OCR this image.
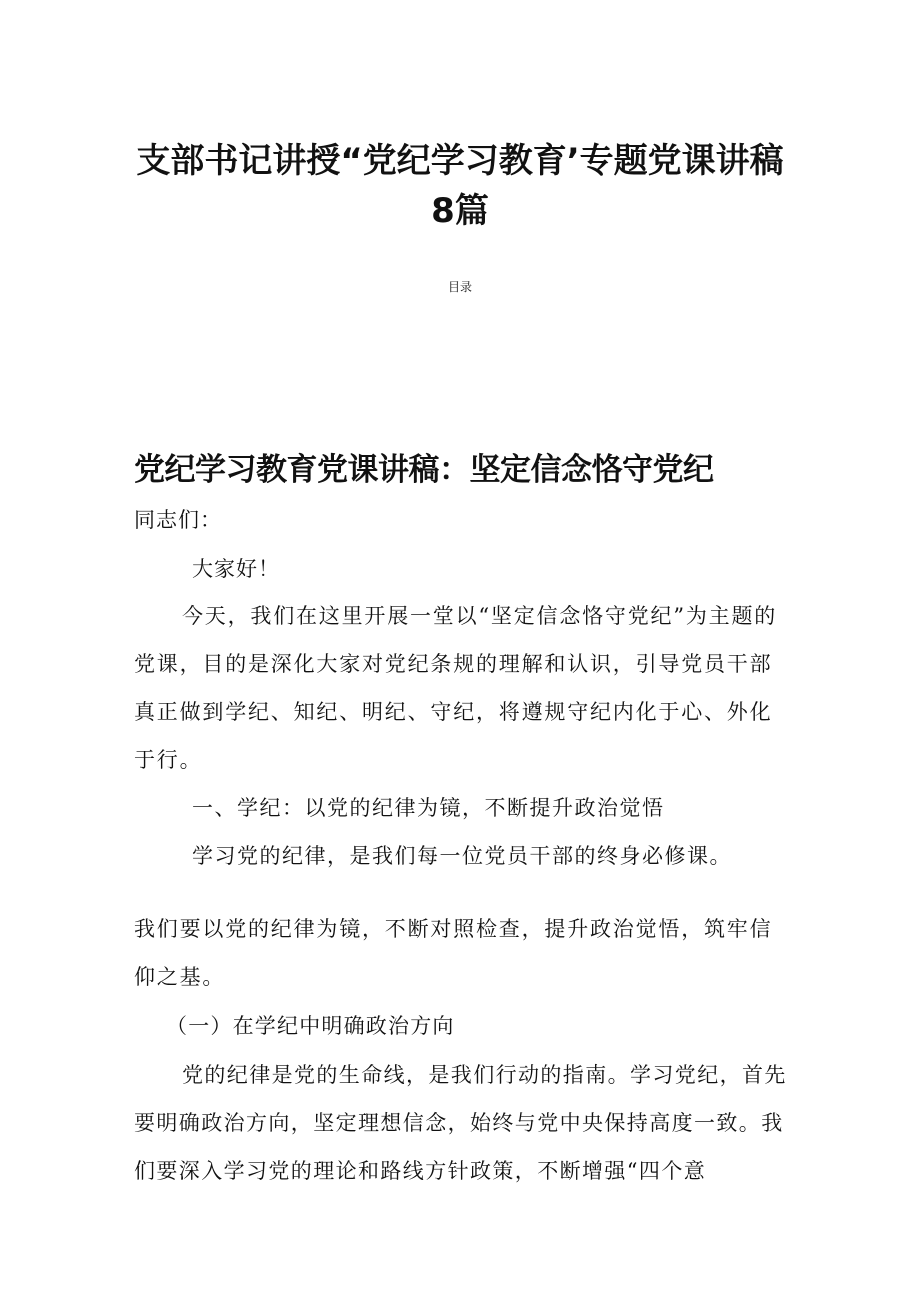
支部书记讲授“党纪学习教育’专题党课讲稿
8篇

目录

党纪学习教育党课讲稿：坚定信念恪守党纪

同志们：

大家好！

今天，我们在这里开展一堂以“坚定信念恪守党纪”为主题的党课，目的是深化大家对党纪条规的理解和认识，引导党员干部真正做到学纪、知纪、明纪、守纪，将遵规守纪内化于心、外化于行。

一、学纪：以党的纪律为镜，不断提升政治觉悟

学习党的纪律，是我们每一位党员干部的终身必修课。

我们要以党的纪律为镜，不断对照检查，提升政治觉悟，筑牢信仰之基。

（一）在学纪中明确政治方向

党的纪律是党的生命线，是我们行动的指南。学习党纪，首先要明确政治方向，坚定理想信念，始终与党中央保持高度一致。我们要深入学习党的理论和路线方针政策，不断增强“四个意
